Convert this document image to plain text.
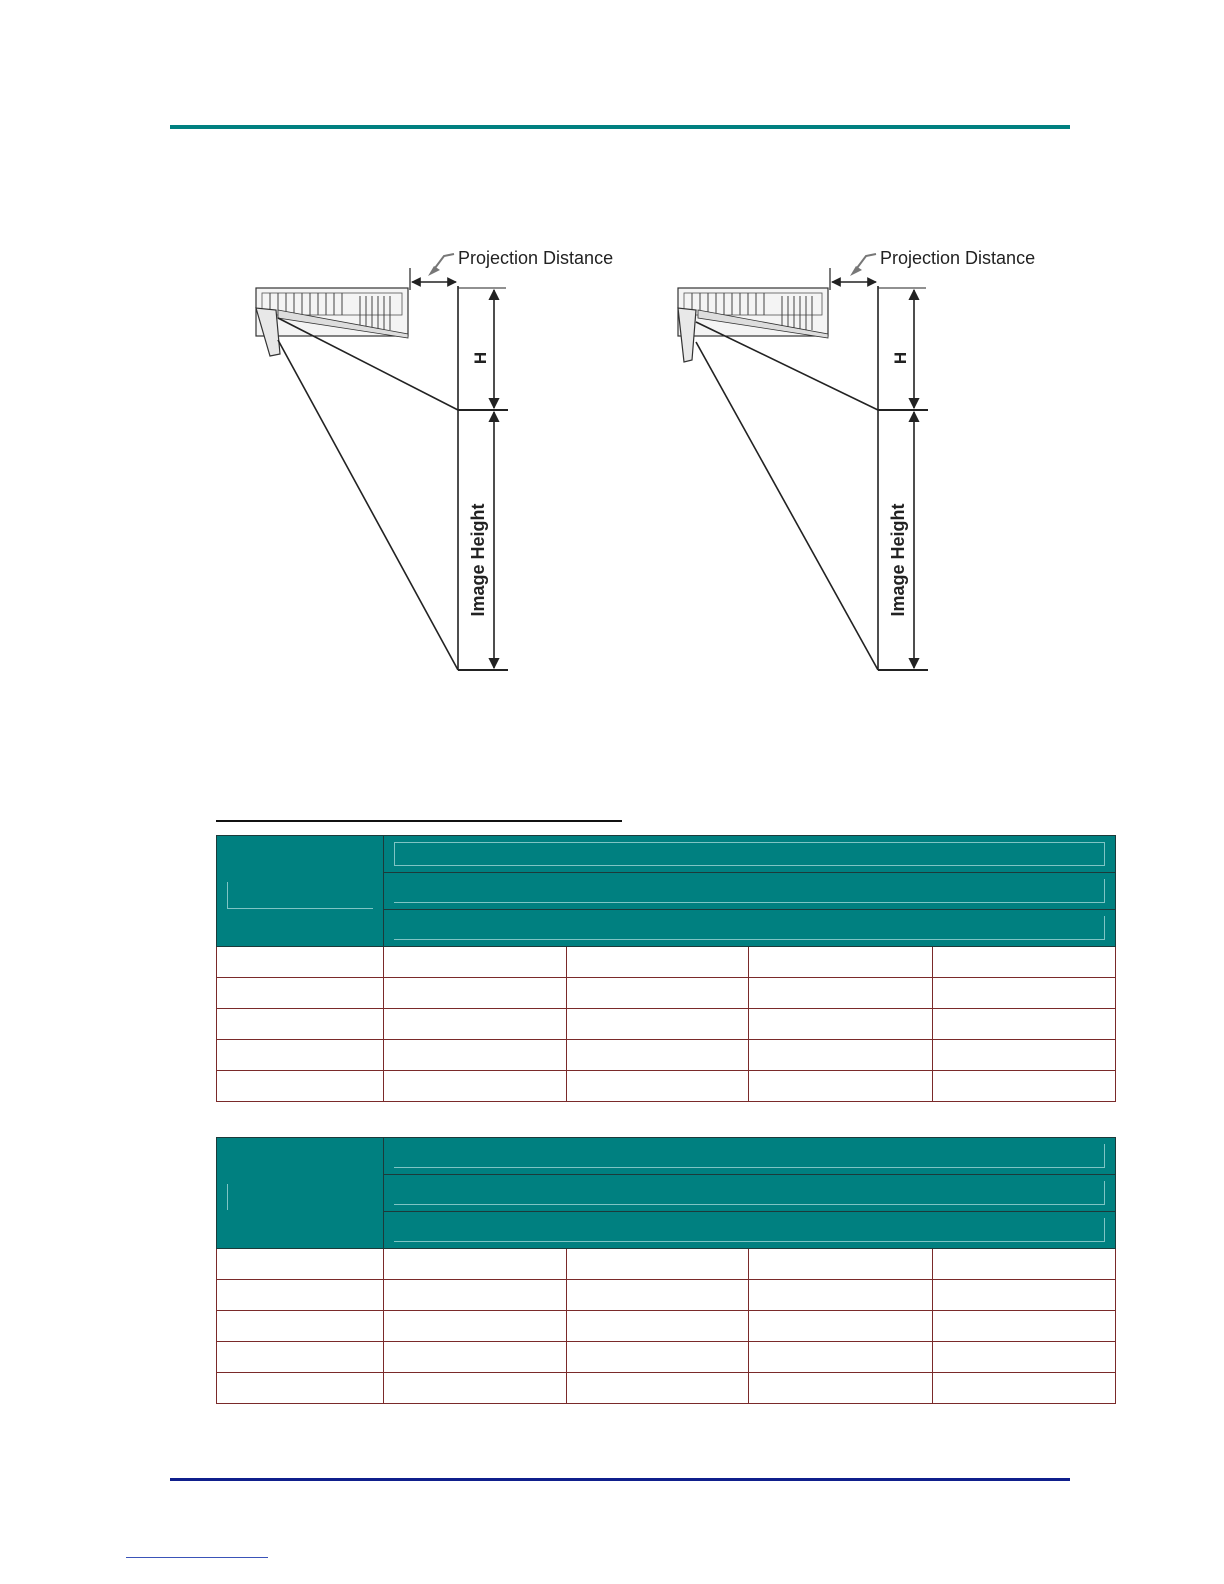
Projection Distance
H
Image Height
Projection Distance
H
Image Height
